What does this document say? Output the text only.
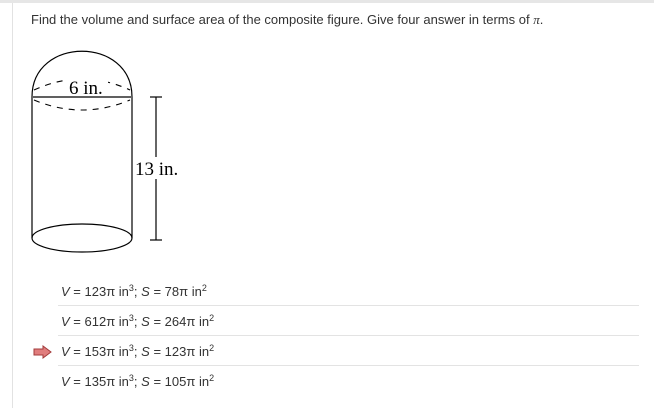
Find the volume and surface area of the composite figure. Give four answer in terms of π.
6 in.
13 in.
V = 123π $in^3$; S = 78π $in^2$
V = 612π $in^3$; S = 264π $in^2$
V = 153π $in^3$; S = 123π $in^2$
V = 135π $in^3$; S = 105π $in^2$
